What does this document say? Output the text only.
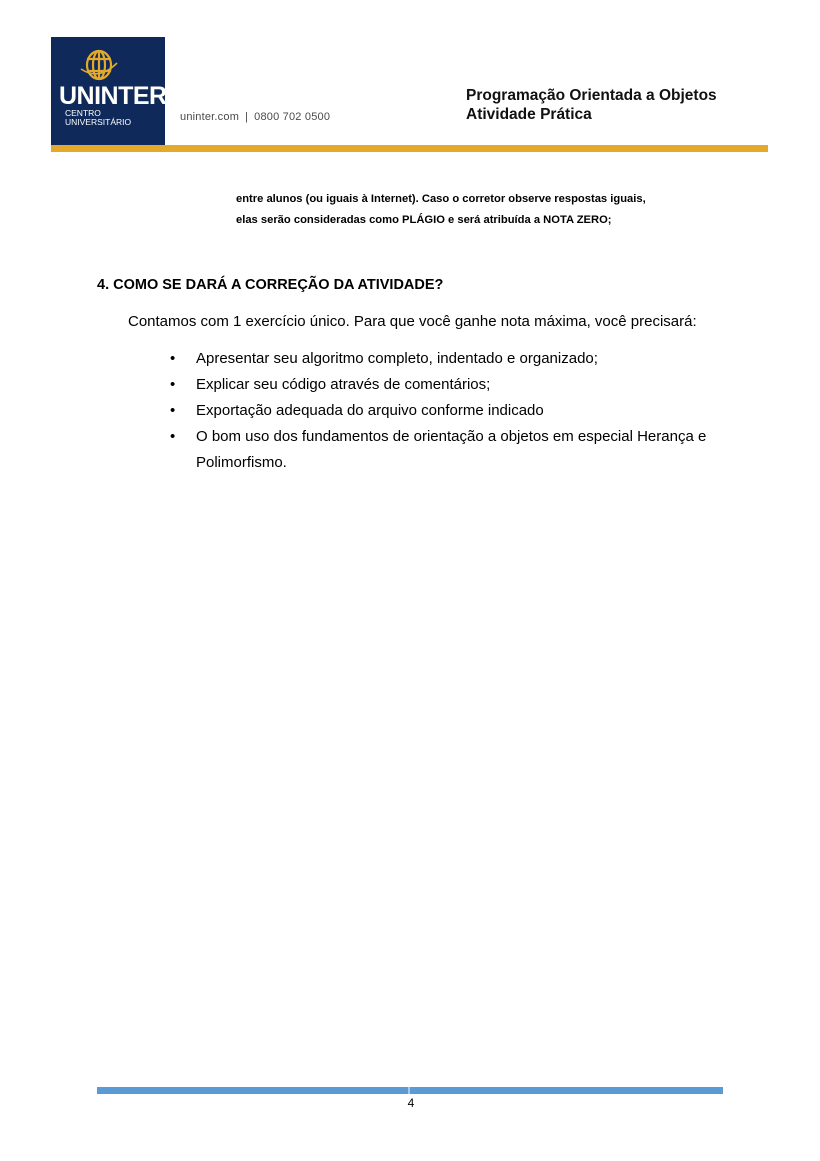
UNINTER
CENTRO
UNIVERSITÁRIO	uninter.com | 0800 702 0500
Programação Orientada a Objetos
Atividade Prática

entre alunos (ou iguais à Internet). Caso o corretor observe respostas iguais,

elas serão consideradas como PLÁGIO e será atribuída a NOTA ZERO;

4. COMO SE DARÁ A CORREÇÃO DA ATIVIDADE?
Contamos com 1 exercício único. Para que você ganhe nota máxima, você precisará:
• Apresentar seu algoritmo completo, indentado e organizado;
• Explicar seu código através de comentários;
• Exportação adequada do arquivo conforme indicado
• O bom uso dos fundamentos de orientação a objetos em especial Herança e Polimorfismo.
4
